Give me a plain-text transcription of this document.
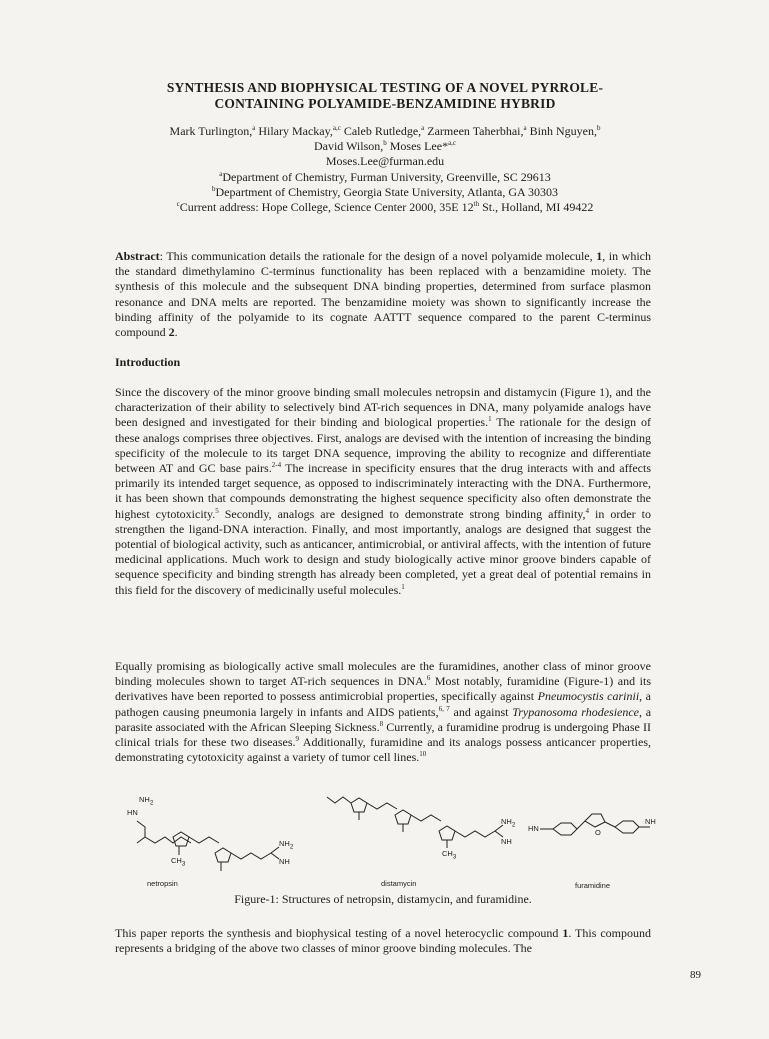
SYNTHESIS AND BIOPHYSICAL TESTING OF A NOVEL PYRROLE-
CONTAINING POLYAMIDE-BENZAMIDINE HYBRID
Mark Turlington,$^a$ Hilary Mackay,$^{a,c}$ Caleb Rutledge,$^a$ Zarmeen Taherbhai,$^a$ Binh Nguyen,$^b$
David Wilson,$^b$ Moses Lee*$^{a,c}$
Moses.Lee@furman.edu
$^a$Department of Chemistry, Furman University, Greenville, SC 29613
$^b$Department of Chemistry, Georgia State University, Atlanta, GA 30303
$^c$Current address: Hope College, Science Center 2000, 35E 12th St., Holland, MI 49422

Abstract: This communication details the rationale for the design of a novel polyamide molecule, 1, in which the standard dimethylamino C-terminus functionality has been replaced with a benzamidine moiety. The synthesis of this molecule and the subsequent DNA binding properties, determined from surface plasmon resonance and DNA melts are reported. The benzamidine moiety was shown to significantly increase the binding affinity of the polyamide to its cognate AATTT sequence compared to the parent C-terminus compound 2.

Introduction

Since the discovery of the minor groove binding small molecules netropsin and distamycin (Figure 1), and the characterization of their ability to selectively bind AT-rich sequences in DNA, many polyamide analogs have been designed and investigated for their binding and biological properties.$^1$ The rationale for the design of these analogs comprises three objectives. First, analogs are devised with the intention of increasing the binding specificity of the molecule to its target DNA sequence, improving the ability to recognize and differentiate between AT and GC base pairs.$^{2-4}$ The increase in specificity ensures that the drug interacts with and affects primarily its intended target sequence, as opposed to indiscriminately interacting with the DNA. Furthermore, it has been shown that compounds demonstrating the highest sequence specificity also often demonstrate the highest cytotoxicity.$^5$ Secondly, analogs are designed to demonstrate strong binding affinity,$^4$ in order to strengthen the ligand-DNA interaction. Finally, and most importantly, analogs are designed that suggest the potential of biological activity, such as anticancer, antimicrobial, or antiviral affects, with the intention of future medicinal applications. Much work to design and study biologically active minor groove binders capable of sequence specificity and binding strength has already been completed, yet a great deal of potential remains in this field for the discovery of medicinally useful molecules.$^1$

Equally promising as biologically active small molecules are the furamidines, another class of minor groove binding molecules shown to target AT-rich sequences in DNA.$^6$ Most notably, furamidine (Figure-1) and its derivatives have been reported to possess antimicrobial properties, specifically against Pneumocystis carinii, a pathogen causing pneumonia largely in infants and AIDS patients,$^{6, 7}$ and against Trypanosoma rhodesience, a parasite associated with the African Sleeping Sickness.$^8$ Currently, a furamidine prodrug is undergoing Phase II clinical trials for these two diseases.$^9$ Additionally, furamidine and its analogs possess anticancer properties, demonstrating cytotoxicity against a variety of tumor cell lines.$^{10}$

HN
$NH_2$
$CH_3$
$NH_2$
NH
$NH_2$
NH
$CH_3$
HN
NH
O
netropsin	distamycin	furamidine
Figure-1: Structures of netropsin, distamycin, and furamidine.

This paper reports the synthesis and biophysical testing of a novel heterocyclic compound 1. This compound represents a bridging of the above two classes of minor groove binding molecules. The

89
